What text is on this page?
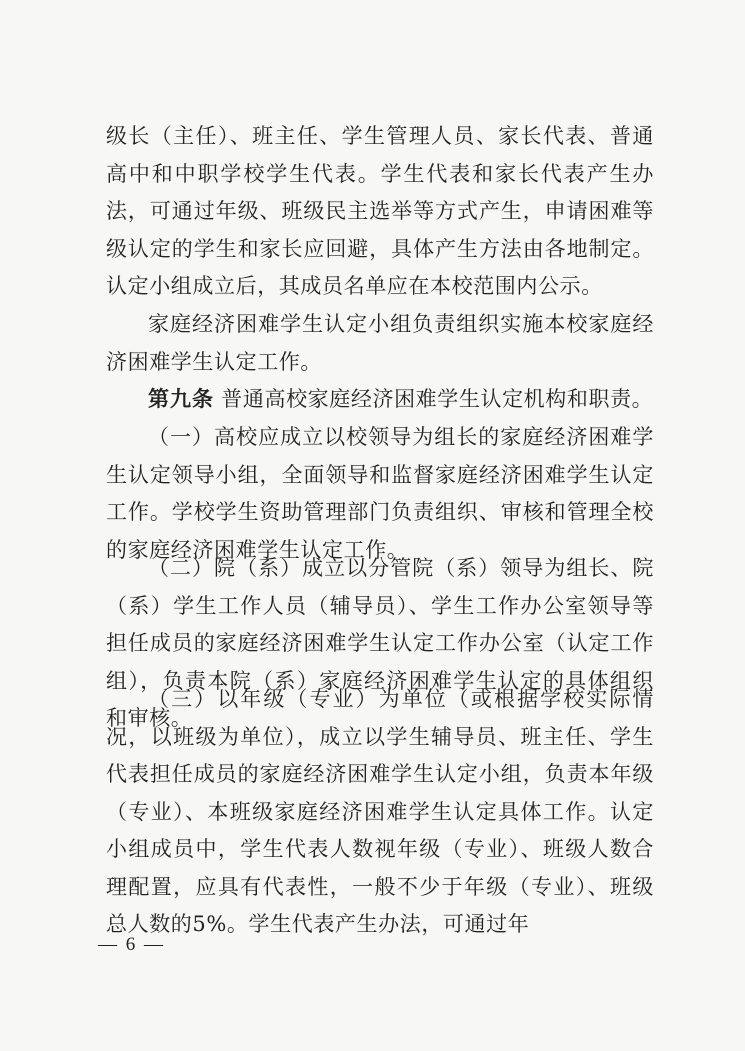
级长（主任）、班主任、学生管理人员、家长代表、普通高中和中职学校学生代表。学生代表和家长代表产生办法，可通过年级、班级民主选举等方式产生，申请困难等级认定的学生和家长应回避，具体产生方法由各地制定。认定小组成立后，其成员名单应在本校范围内公示。
家庭经济困难学生认定小组负责组织实施本校家庭经济困难学生认定工作。
第九条 普通高校家庭经济困难学生认定机构和职责。
（一）高校应成立以校领导为组长的家庭经济困难学生认定领导小组，全面领导和监督家庭经济困难学生认定工作。学校学生资助管理部门负责组织、审核和管理全校的家庭经济困难学生认定工作。
（二）院（系）成立以分管院（系）领导为组长、院（系）学生工作人员（辅导员）、学生工作办公室领导等担任成员的家庭经济困难学生认定工作办公室（认定工作组），负责本院（系）家庭经济困难学生认定的具体组织和审核。
（三）以年级（专业）为单位（或根据学校实际情况，以班级为单位），成立以学生辅导员、班主任、学生代表担任成员的家庭经济困难学生认定小组，负责本年级（专业）、本班级家庭经济困难学生认定具体工作。认定小组成员中，学生代表人数视年级（专业）、班级人数合理配置，应具有代表性，一般不少于年级（专业）、班级总人数的5%。学生代表产生办法，可通过年
— 6 —
